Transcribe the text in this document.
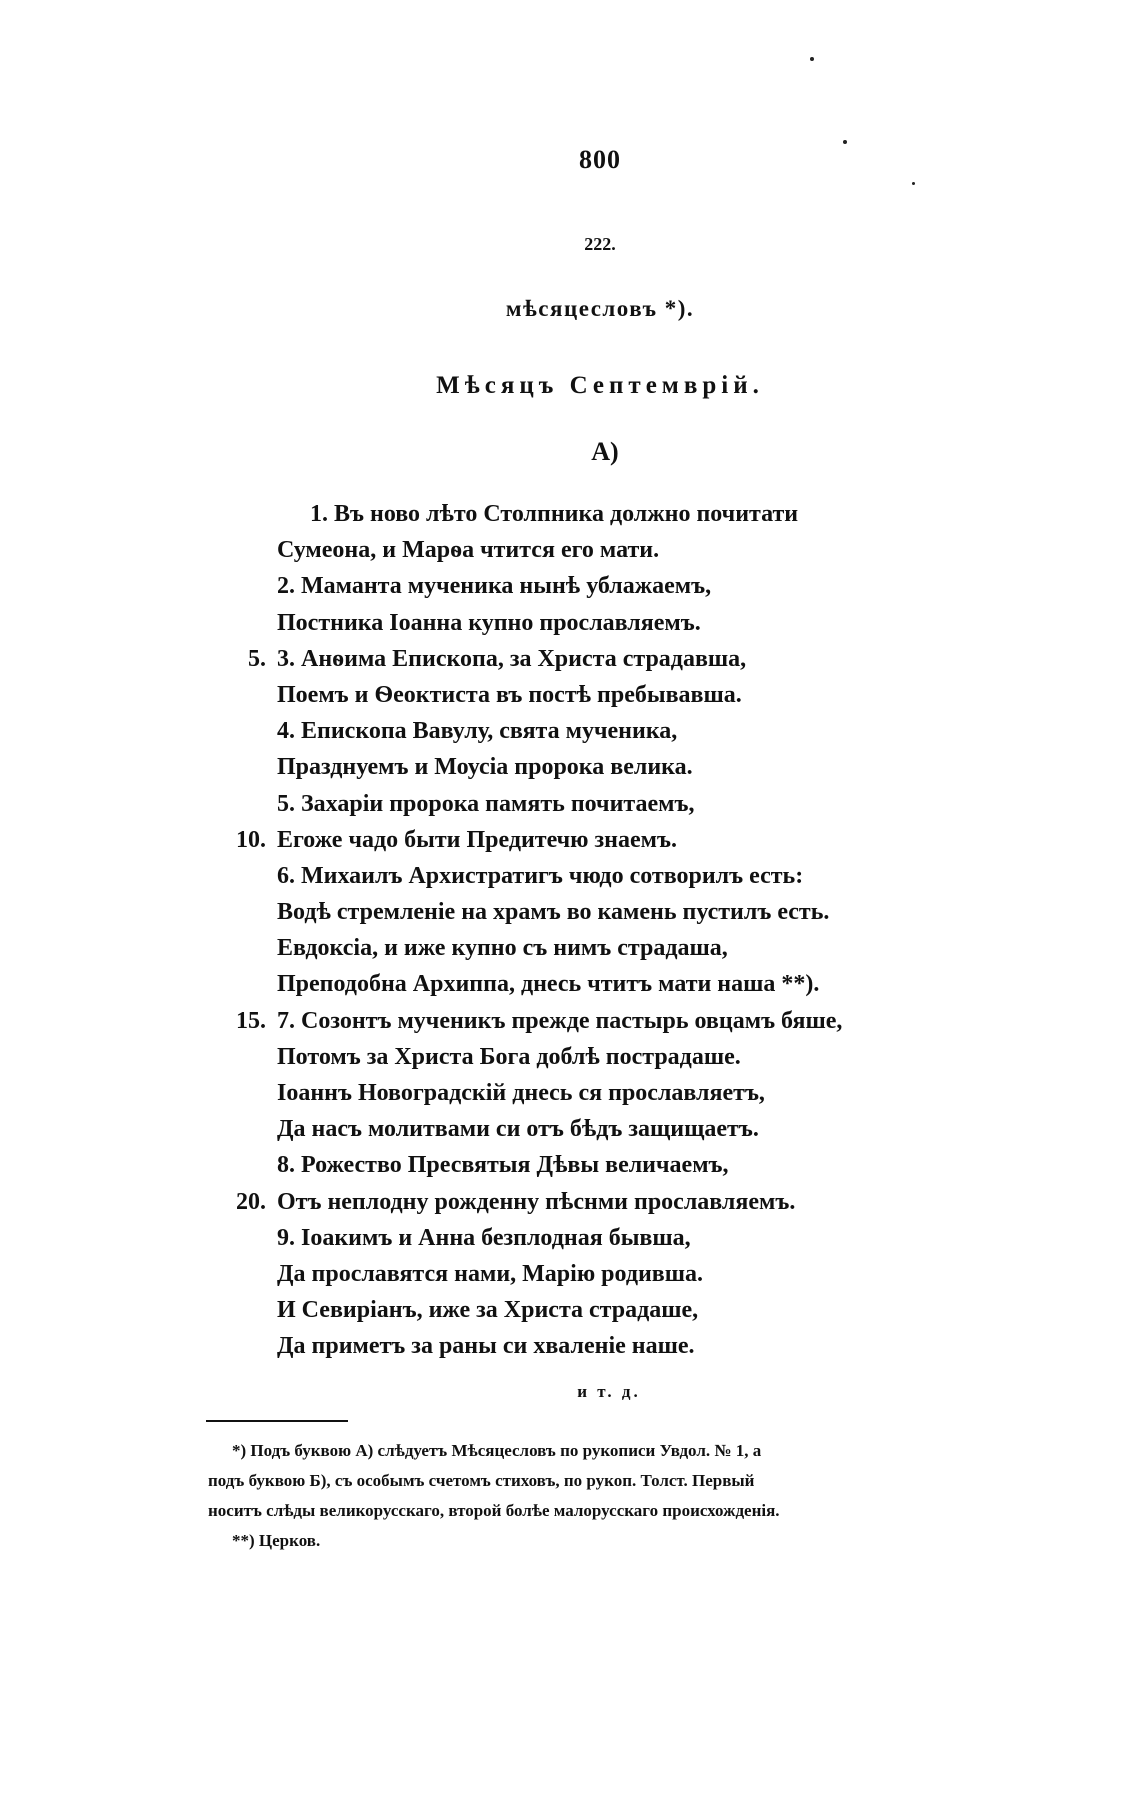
800
222.
мѣсяцесловъ *).
Мѣсяцъ Септемврій.
А)
1. Въ ново лѣто Столпника должно почитати
Сумеона, и Марѳа чтится его мати.
2. Маманта мученика нынѣ ублажаемъ,
Постника Іоанна купно прославляемъ.
5. 3. Анѳима Епископа, за Христа страдавша,
Поемъ и Ѳеоктиста въ постѣ пребывавша.
4. Епископа Вавулу, свята мученика,
Празднуемъ и Моусіа пророка велика.
5. Захаріи пророка память почитаемъ,
10. Егоже чадо быти Предитечю знаемъ.
6. Михаилъ Архистратигъ чюдо сотворилъ есть:
Водѣ стремленіе на храмъ во камень пустилъ есть.
Евдоксіа, и иже купно съ нимъ страдаша,
Преподобна Архиппа, днесь чтитъ мати наша **).
15. 7. Созонтъ мученикъ прежде пастырь овцамъ бяше,
Потомъ за Христа Бога доблѣ пострадаше.
Іоаннъ Новоградскій днесь ся прославляетъ,
Да насъ молитвами си отъ бѣдъ защищаетъ.
8. Рожество Пресвятыя Дѣвы величаемъ,
20. Отъ неплодну рожденну пѣснми прославляемъ.
9. Іоакимъ и Анна безплодная бывша,
Да прославятся нами, Марію родивша.
И Севиріанъ, иже за Христа страдаше,
Да приметъ за раны си хваленіе наше.
и т. д.
*) Подъ буквою А) слѣдуетъ Мѣсяцесловъ по рукописи Увдол. № 1, а
подъ буквою Б), съ особымъ счетомъ стиховъ, по рукоп. Толст. Первый
носитъ слѣды великорусскаго, второй болѣе малорусскаго происхожденія.
**) Церков.
